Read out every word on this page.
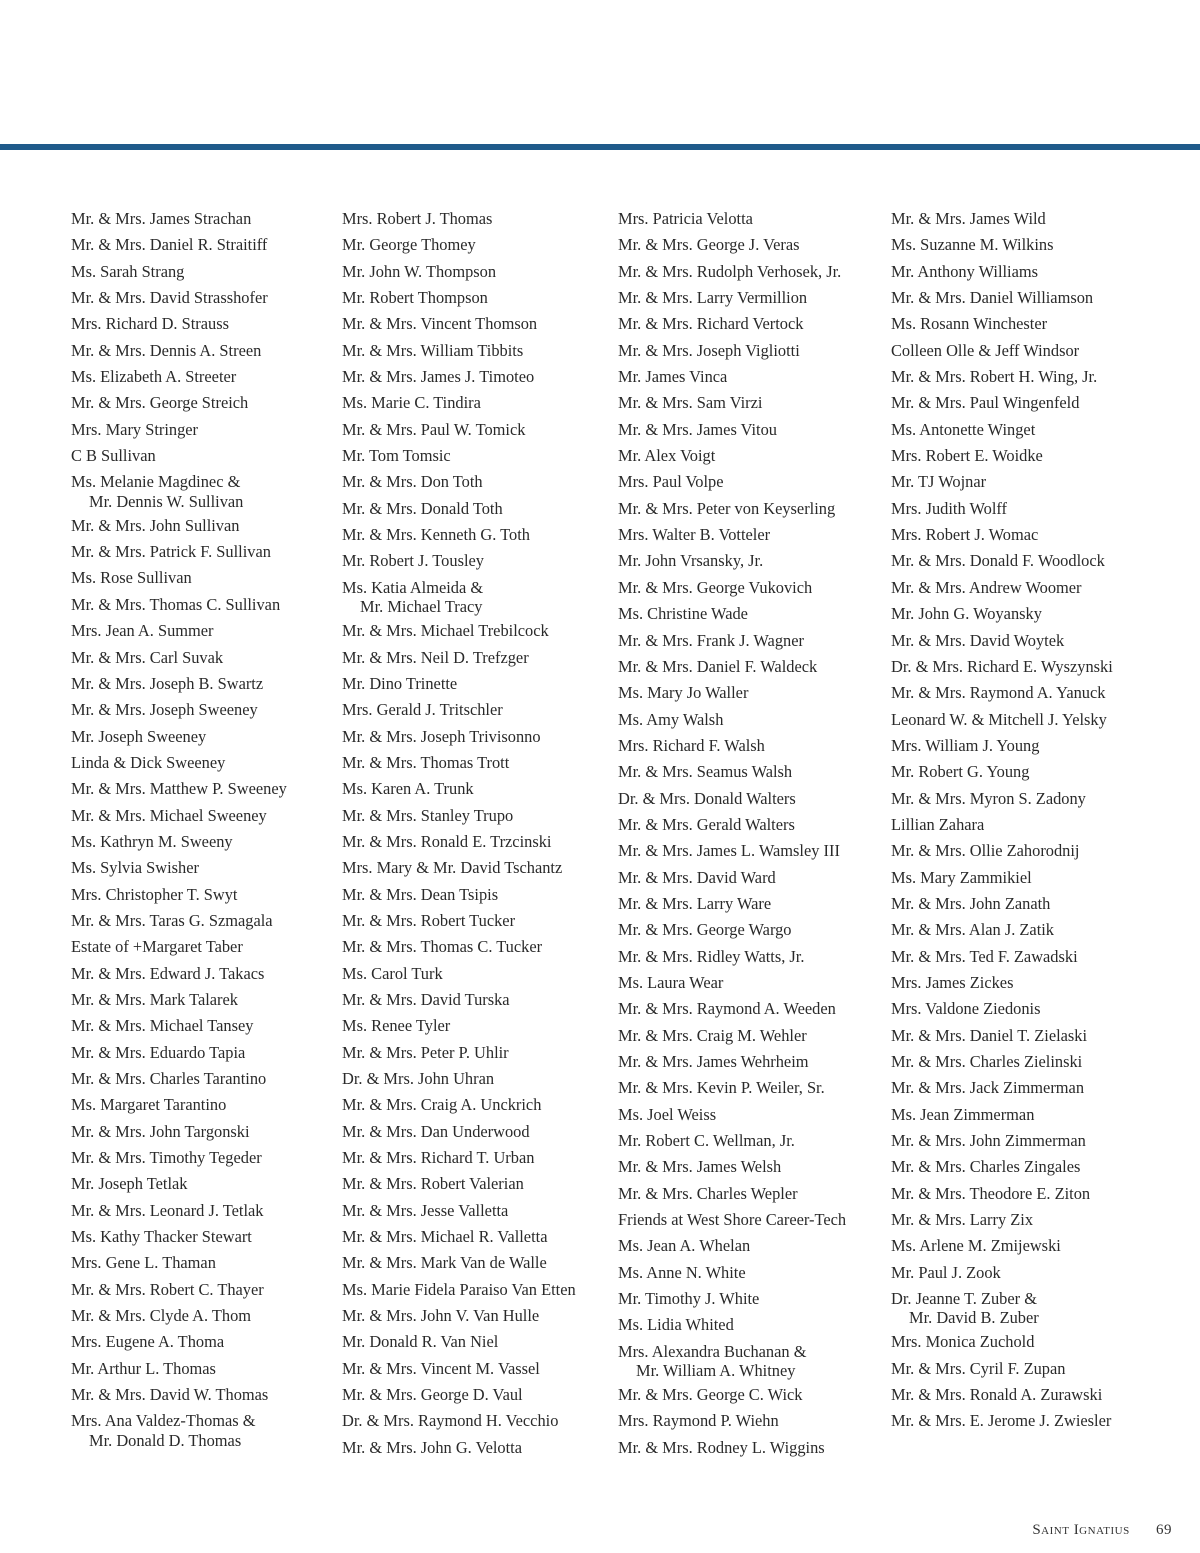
Mr. & Mrs. James Strachan
Mr. & Mrs. Daniel R. Straitiff
Ms. Sarah Strang
Mr. & Mrs. David Strasshofer
Mrs. Richard D. Strauss
Mr. & Mrs. Dennis A. Streen
Ms. Elizabeth A. Streeter
Mr. & Mrs. George Streich
Mrs. Mary Stringer
C B Sullivan
Ms. Melanie Magdinec &
Mr. Dennis W. Sullivan
Mr. & Mrs. John Sullivan
Mr. & Mrs. Patrick F. Sullivan
Ms. Rose Sullivan
Mr. & Mrs. Thomas C. Sullivan
Mrs. Jean A. Summer
Mr. & Mrs. Carl Suvak
Mr. & Mrs. Joseph B. Swartz
Mr. & Mrs. Joseph Sweeney
Mr. Joseph Sweeney
Linda & Dick Sweeney
Mr. & Mrs. Matthew P. Sweeney
Mr. & Mrs. Michael Sweeney
Ms. Kathryn M. Sweeny
Ms. Sylvia Swisher
Mrs. Christopher T. Swyt
Mr. & Mrs. Taras G. Szmagala
Estate of +Margaret Taber
Mr. & Mrs. Edward J. Takacs
Mr. & Mrs. Mark Talarek
Mr. & Mrs. Michael Tansey
Mr. & Mrs. Eduardo Tapia
Mr. & Mrs. Charles Tarantino
Ms. Margaret Tarantino
Mr. & Mrs. John Targonski
Mr. & Mrs. Timothy Tegeder
Mr. Joseph Tetlak
Mr. & Mrs. Leonard J. Tetlak
Ms. Kathy Thacker Stewart
Mrs. Gene L. Thaman
Mr. & Mrs. Robert C. Thayer
Mr. & Mrs. Clyde A. Thom
Mrs. Eugene A. Thoma
Mr. Arthur L. Thomas
Mr. & Mrs. David W. Thomas
Mrs. Ana Valdez-Thomas &
Mr. Donald D. Thomas
Mrs. Robert J. Thomas
Mr. George Thomey
Mr. John W. Thompson
Mr. Robert Thompson
Mr. & Mrs. Vincent Thomson
Mr. & Mrs. William Tibbits
Mr. & Mrs. James J. Timoteo
Ms. Marie C. Tindira
Mr. & Mrs. Paul W. Tomick
Mr. Tom Tomsic
Mr. & Mrs. Don Toth
Mr. & Mrs. Donald Toth
Mr. & Mrs. Kenneth G. Toth
Mr. Robert J. Tousley
Ms. Katia Almeida &
Mr. Michael Tracy
Mr. & Mrs. Michael Trebilcock
Mr. & Mrs. Neil D. Trefzger
Mr. Dino Trinette
Mrs. Gerald J. Tritschler
Mr. & Mrs. Joseph Trivisonno
Mr. & Mrs. Thomas Trott
Ms. Karen A. Trunk
Mr. & Mrs. Stanley Trupo
Mr. & Mrs. Ronald E. Trzcinski
Mrs. Mary & Mr. David Tschantz
Mr. & Mrs. Dean Tsipis
Mr. & Mrs. Robert Tucker
Mr. & Mrs. Thomas C. Tucker
Ms. Carol Turk
Mr. & Mrs. David Turska
Ms. Renee Tyler
Mr. & Mrs. Peter P. Uhlir
Dr. & Mrs. John Uhran
Mr. & Mrs. Craig A. Unckrich
Mr. & Mrs. Dan Underwood
Mr. & Mrs. Richard T. Urban
Mr. & Mrs. Robert Valerian
Mr. & Mrs. Jesse Valletta
Mr. & Mrs. Michael R. Valletta
Mr. & Mrs. Mark Van de Walle
Ms. Marie Fidela Paraiso Van Etten
Mr. & Mrs. John V. Van Hulle
Mr. Donald R. Van Niel
Mr. & Mrs. Vincent M. Vassel
Mr. & Mrs. George D. Vaul
Dr. & Mrs. Raymond H. Vecchio
Mr. & Mrs. John G. Velotta
Mrs. Patricia Velotta
Mr. & Mrs. George J. Veras
Mr. & Mrs. Rudolph Verhosek, Jr.
Mr. & Mrs. Larry Vermillion
Mr. & Mrs. Richard Vertock
Mr. & Mrs. Joseph Vigliotti
Mr. James Vinca
Mr. & Mrs. Sam Virzi
Mr. & Mrs. James Vitou
Mr. Alex Voigt
Mrs. Paul Volpe
Mr. & Mrs. Peter von Keyserling
Mrs. Walter B. Votteler
Mr. John Vrsansky, Jr.
Mr. & Mrs. George Vukovich
Ms. Christine Wade
Mr. & Mrs. Frank J. Wagner
Mr. & Mrs. Daniel F. Waldeck
Ms. Mary Jo Waller
Ms. Amy Walsh
Mrs. Richard F. Walsh
Mr. & Mrs. Seamus Walsh
Dr. & Mrs. Donald Walters
Mr. & Mrs. Gerald Walters
Mr. & Mrs. James L. Wamsley III
Mr. & Mrs. David Ward
Mr. & Mrs. Larry Ware
Mr. & Mrs. George Wargo
Mr. & Mrs. Ridley Watts, Jr.
Ms. Laura Wear
Mr. & Mrs. Raymond A. Weeden
Mr. & Mrs. Craig M. Wehler
Mr. & Mrs. James Wehrheim
Mr. & Mrs. Kevin P. Weiler, Sr.
Ms. Joel Weiss
Mr. Robert C. Wellman, Jr.
Mr. & Mrs. James Welsh
Mr. & Mrs. Charles Wepler
Friends at West Shore Career-Tech
Ms. Jean A. Whelan
Ms. Anne N. White
Mr. Timothy J. White
Ms. Lidia Whited
Mrs. Alexandra Buchanan &
Mr. William A. Whitney
Mr. & Mrs. George C. Wick
Mrs. Raymond P. Wiehn
Mr. & Mrs. Rodney L. Wiggins
Mr. & Mrs. James Wild
Ms. Suzanne M. Wilkins
Mr. Anthony Williams
Mr. & Mrs. Daniel Williamson
Ms. Rosann Winchester
Colleen Olle & Jeff Windsor
Mr. & Mrs. Robert H. Wing, Jr.
Mr. & Mrs. Paul Wingenfeld
Ms. Antonette Winget
Mrs. Robert E. Woidke
Mr. TJ Wojnar
Mrs. Judith Wolff
Mrs. Robert J. Womac
Mr. & Mrs. Donald F. Woodlock
Mr. & Mrs. Andrew Woomer
Mr. John G. Woyansky
Mr. & Mrs. David Woytek
Dr. & Mrs. Richard E. Wyszynski
Mr. & Mrs. Raymond A. Yanuck
Leonard W. & Mitchell J. Yelsky
Mrs. William J. Young
Mr. Robert G. Young
Mr. & Mrs. Myron S. Zadony
Lillian Zahara
Mr. & Mrs. Ollie Zahorodnij
Ms. Mary Zammikiel
Mr. & Mrs. John Zanath
Mr. & Mrs. Alan J. Zatik
Mr. & Mrs. Ted F. Zawadski
Mrs. James Zickes
Mrs. Valdone Ziedonis
Mr. & Mrs. Daniel T. Zielaski
Mr. & Mrs. Charles Zielinski
Mr. & Mrs. Jack Zimmerman
Ms. Jean Zimmerman
Mr. & Mrs. John Zimmerman
Mr. & Mrs. Charles Zingales
Mr. & Mrs. Theodore E. Ziton
Mr. & Mrs. Larry Zix
Ms. Arlene M. Zmijewski
Mr. Paul J. Zook
Dr. Jeanne T. Zuber &
Mr. David B. Zuber
Mrs. Monica Zuchold
Mr. & Mrs. Cyril F. Zupan
Mr. & Mrs. Ronald A. Zurawski
Mr. & Mrs. E. Jerome J. Zwiesler
Saint Ignatius 69
